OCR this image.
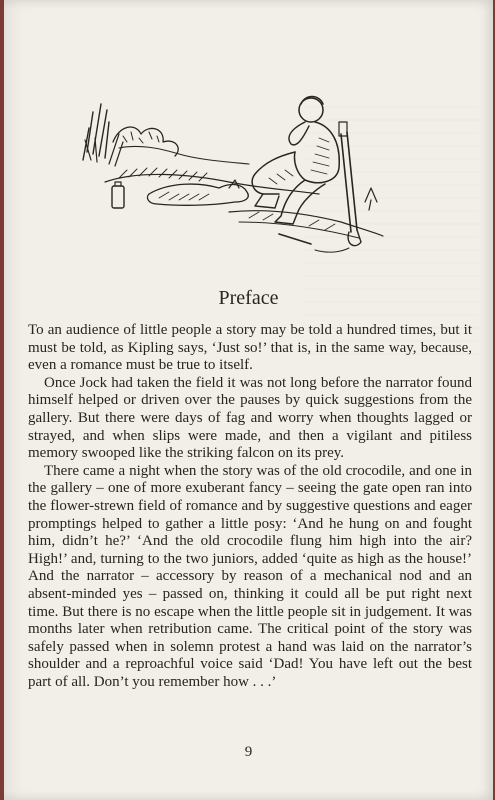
Preface

To an audience of little people a story may be told a hundred times, but it must be told, as Kipling says, ‘Just so!’ that is, in the same way, because, even a romance must be true to itself.

Once Jock had taken the field it was not long before the narrator found himself helped or driven over the pauses by quick suggestions from the gallery. But there were days of fag and worry when thoughts lagged or strayed, and when slips were made, and then a vigilant and pitiless memory swooped like the striking falcon on its prey.

There came a night when the story was of the old crocodile, and one in the gallery – one of more exuberant fancy – seeing the gate open ran into the flower-strewn field of romance and by suggestive questions and eager promptings helped to gather a little posy: ‘And he hung on and fought him, didn’t he?’ ‘And the old crocodile flung him high into the air? High!’ and, turning to the two juniors, added ‘quite as high as the house!’ And the narrator – accessory by reason of a mechanical nod and an absent-minded yes – passed on, thinking it could all be put right next time. But there is no escape when the little people sit in judgement. It was months later when retribution came. The critical point of the story was safely passed when in solemn protest a hand was laid on the narrator’s shoulder and a reproachful voice said ‘Dad! You have left out the best part of all. Don’t you remember how . . .’

9
